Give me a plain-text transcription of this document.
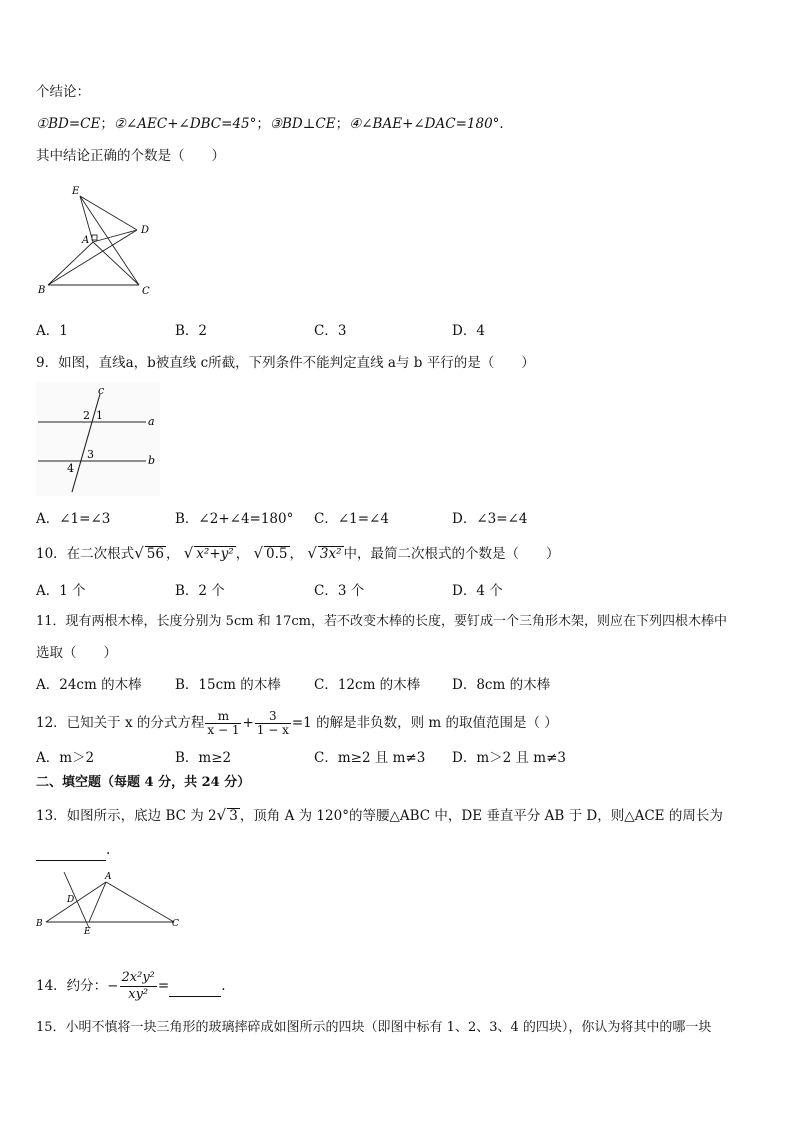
个结论：
①BD=CE；②∠AEC+∠DBC=45°；③BD⊥CE；④∠BAE+∠DAC=180°．
其中结论正确的个数是（　　）
E
A
D
B	C
A．1	B．2	C．3	D．4
9．如图，直线a，b被直线 c所截，下列条件不能判定直线 a与 b 平行的是（　　）
c
2 1	a
3	b
4
A．∠1=∠3	B．∠2+∠4=180° C．∠1=∠4	D．∠3=∠4
10．在二次根式√ 56 ， √ x²+y² ， √ 0.5 ， √ 3x² 中，最简二次根式的个数是（　　）
A．1 个	B．2 个	C．3 个	D．4 个
11．现有两根木棒，长度分别为 5cm 和 17cm，若不改变木棒的长度，要钉成一个三角形木架，则应在下列四根木棒中
选取（　　）
A．24cm 的木棒 B．15cm 的木棒 C．12cm 的木棒 D．8cm 的木棒
12．已知关于 x 的分式方程 $\frac{m}{x - 1} + \frac{3}{1 - x} =1$ 的解是非负数，则 m 的取值范围是（ ）
A．m＞2	B．m≥2	C．m≥2 且 m≠3 D．m＞2 且 m≠3
二、填空题（每题 4 分，共 24 分）
13．如图所示，底边 BC 为 2√ 3 ，顶角 A 为 120°的等腰△ABC 中，DE 垂直平分 AB 于 D，则△ACE 的周长为
.
A
D
B
E
C
14．约分：− $\frac{\text{2x²y²}}{\text{xy²}}$ =	.
15．小明不慎将一块三角形的玻璃摔碎成如图所示的四块（即图中标有 1、2、3、4 的四块），你认为将其中的哪一块
